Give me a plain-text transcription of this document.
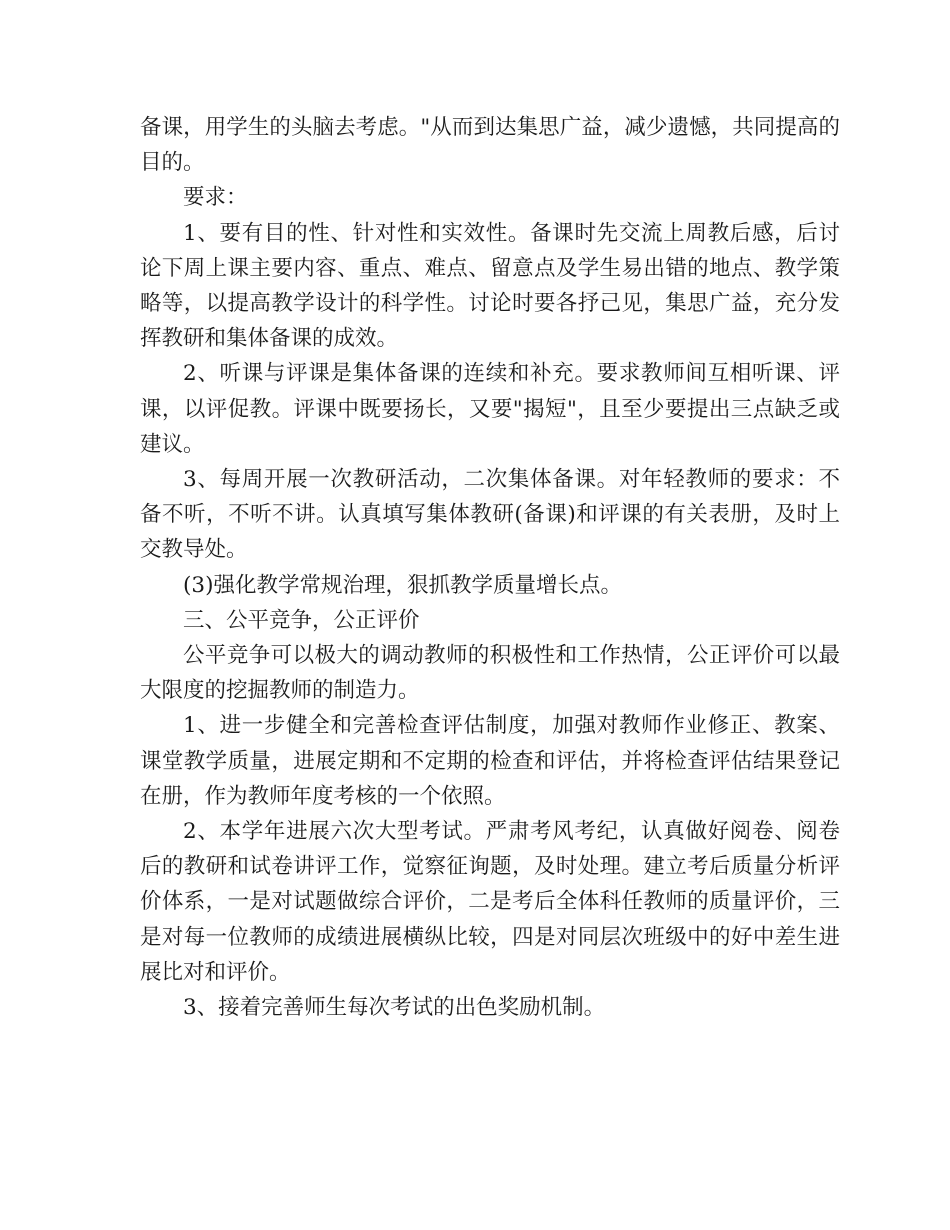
备课，用学生的头脑去考虑。"从而到达集思广益，减少遗憾，共同提高的目的。

要求：

1、要有目的性、针对性和实效性。备课时先交流上周教后感，后讨论下周上课主要内容、重点、难点、留意点及学生易出错的地点、教学策略等，以提高教学设计的科学性。讨论时要各抒己见，集思广益，充分发挥教研和集体备课的成效。

2、听课与评课是集体备课的连续和补充。要求教师间互相听课、评课，以评促教。评课中既要扬长，又要"揭短"，且至少要提出三点缺乏或建议。

3、每周开展一次教研活动，二次集体备课。对年轻教师的要求：不备不听，不听不讲。认真填写集体教研(备课)和评课的有关表册，及时上交教导处。

(3)强化教学常规治理，狠抓教学质量增长点。

三、公平竞争，公正评价

公平竞争可以极大的调动教师的积极性和工作热情，公正评价可以最大限度的挖掘教师的制造力。

1、进一步健全和完善检查评估制度，加强对教师作业修正、教案、课堂教学质量，进展定期和不定期的检查和评估，并将检查评估结果登记在册，作为教师年度考核的一个依照。

2、本学年进展六次大型考试。严肃考风考纪，认真做好阅卷、阅卷后的教研和试卷讲评工作，觉察征询题，及时处理。建立考后质量分析评价体系，一是对试题做综合评价，二是考后全体科任教师的质量评价，三是对每一位教师的成绩进展横纵比较，四是对同层次班级中的好中差生进展比对和评价。

3、接着完善师生每次考试的出色奖励机制。
